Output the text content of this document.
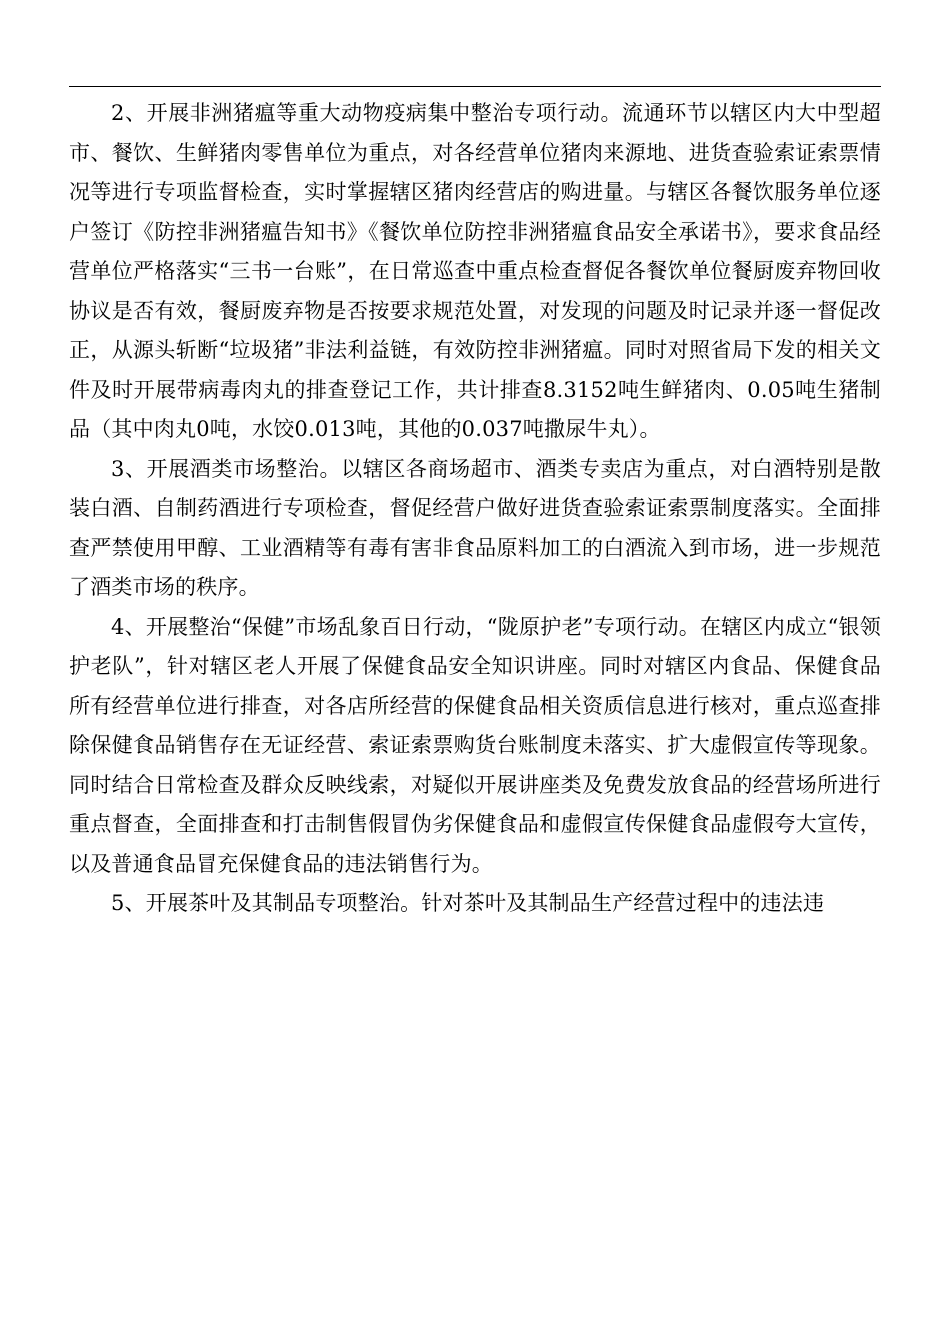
2、开展非洲猪瘟等重大动物疫病集中整治专项行动。流通环节以辖区内大中型超市、餐饮、生鲜猪肉零售单位为重点，对各经营单位猪肉来源地、进货查验索证索票情况等进行专项监督检查，实时掌握辖区猪肉经营店的购进量。与辖区各餐饮服务单位逐户签订《防控非洲猪瘟告知书》《餐饮单位防控非洲猪瘟食品安全承诺书》，要求食品经营单位严格落实“三书一台账”，在日常巡查中重点检查督促各餐饮单位餐厨废弃物回收协议是否有效，餐厨废弃物是否按要求规范处置，对发现的问题及时记录并逐一督促改正，从源头斩断“垃圾猪”非法利益链，有效防控非洲猪瘟。同时对照省局下发的相关文件及时开展带病毒肉丸的排查登记工作，共计排查8.3152吨生鲜猪肉、0.05吨生猪制品（其中肉丸0吨，水饺0.013吨，其他的0.037吨撒尿牛丸）。

3、开展酒类市场整治。以辖区各商场超市、酒类专卖店为重点，对白酒特别是散装白酒、自制药酒进行专项检查，督促经营户做好进货查验索证索票制度落实。全面排查严禁使用甲醇、工业酒精等有毒有害非食品原料加工的白酒流入到市场，进一步规范了酒类市场的秩序。

4、开展整治“保健”市场乱象百日行动，“陇原护老”专项行动。在辖区内成立“银领护老队”，针对辖区老人开展了保健食品安全知识讲座。同时对辖区内食品、保健食品所有经营单位进行排查，对各店所经营的保健食品相关资质信息进行核对，重点巡查排除保健食品销售存在无证经营、索证索票购货台账制度未落实、扩大虚假宣传等现象。同时结合日常检查及群众反映线索，对疑似开展讲座类及免费发放食品的经营场所进行重点督查，全面排查和打击制售假冒伪劣保健食品和虚假宣传保健食品虚假夸大宣传，以及普通食品冒充保健食品的违法销售行为。

5、开展茶叶及其制品专项整治。针对茶叶及其制品生产经营过程中的违法违
